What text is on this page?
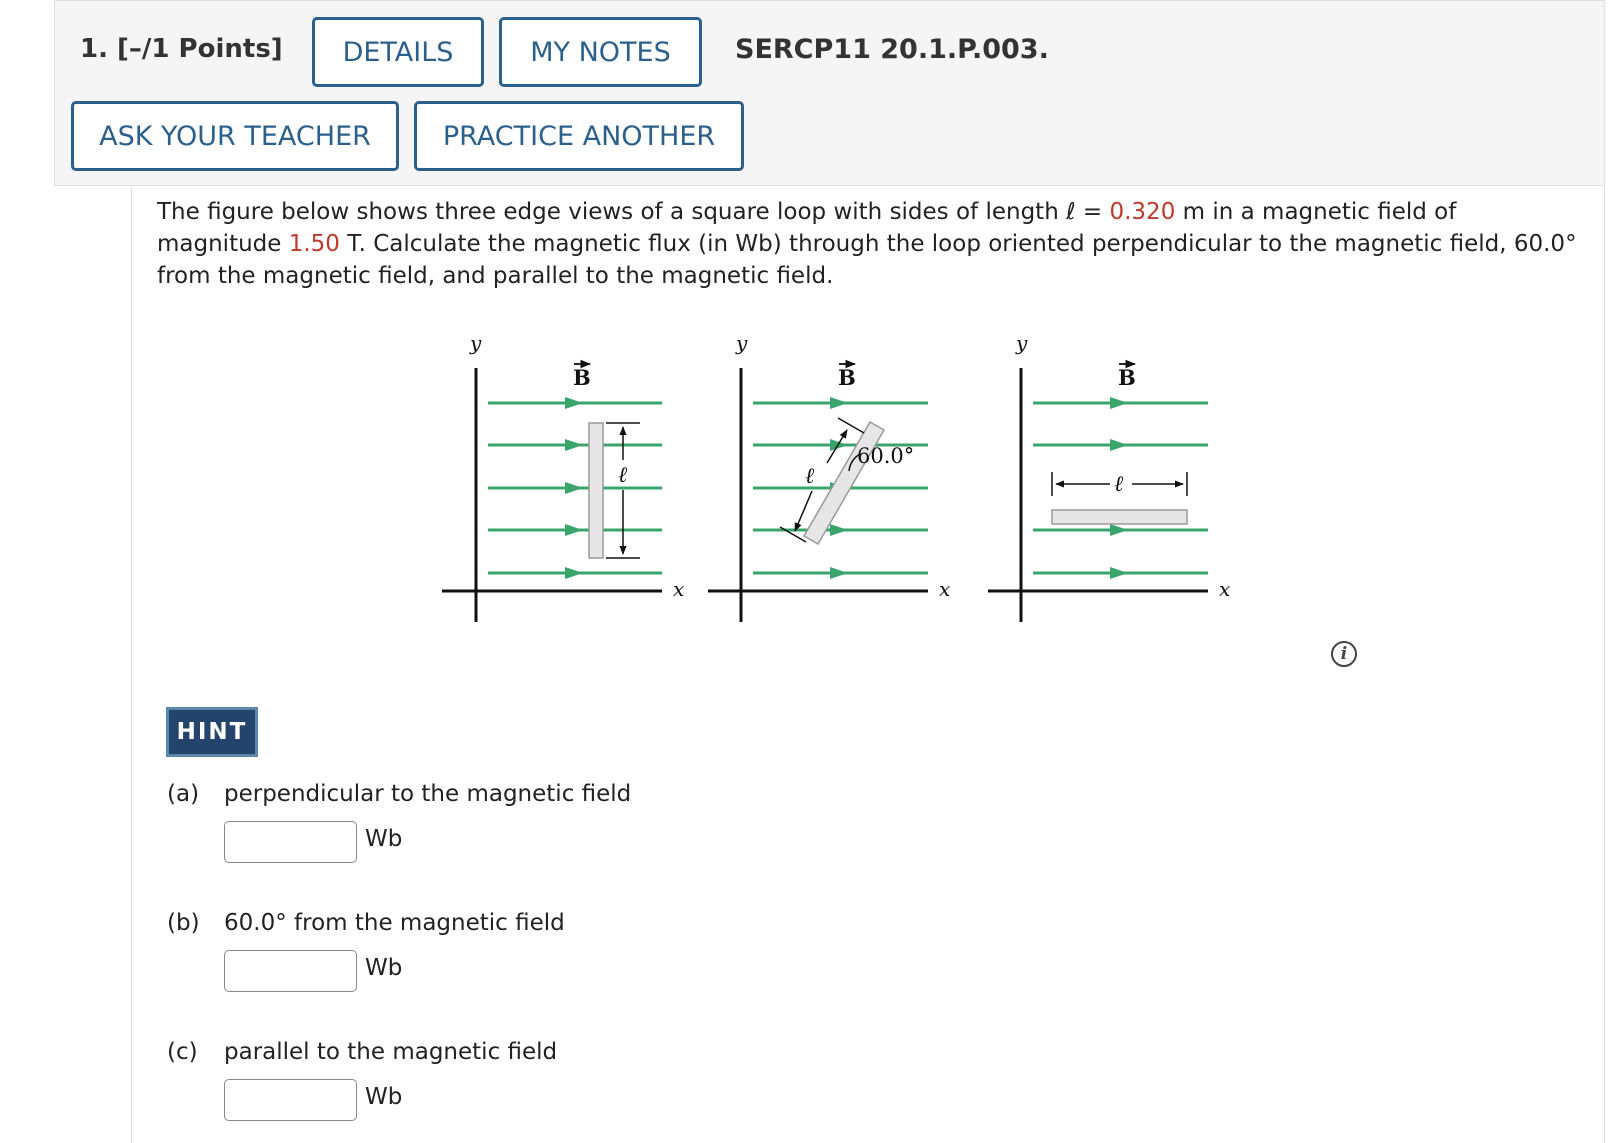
1. [–/1 Points]	DETAILS	MY NOTES	SERCP11 20.1.P.003.
ASK YOUR TEACHER	PRACTICE ANOTHER
The figure below shows three edge views of a square loop with sides of length ℓ = 0.320 m in a magnetic field of magnitude 1.50 T. Calculate the magnetic flux (in Wb) through the loop oriented perpendicular to the magnetic field, 60.0° from the magnetic field, and parallel to the magnetic field.
ℓ
y
x
B
ℓ
60.0°
y
x
B
ℓ
y
x
B
i
HINT
(a) perpendicular to the magnetic field
Wb
(b) 60.0° from the magnetic field
Wb
(c) parallel to the magnetic field
Wb
